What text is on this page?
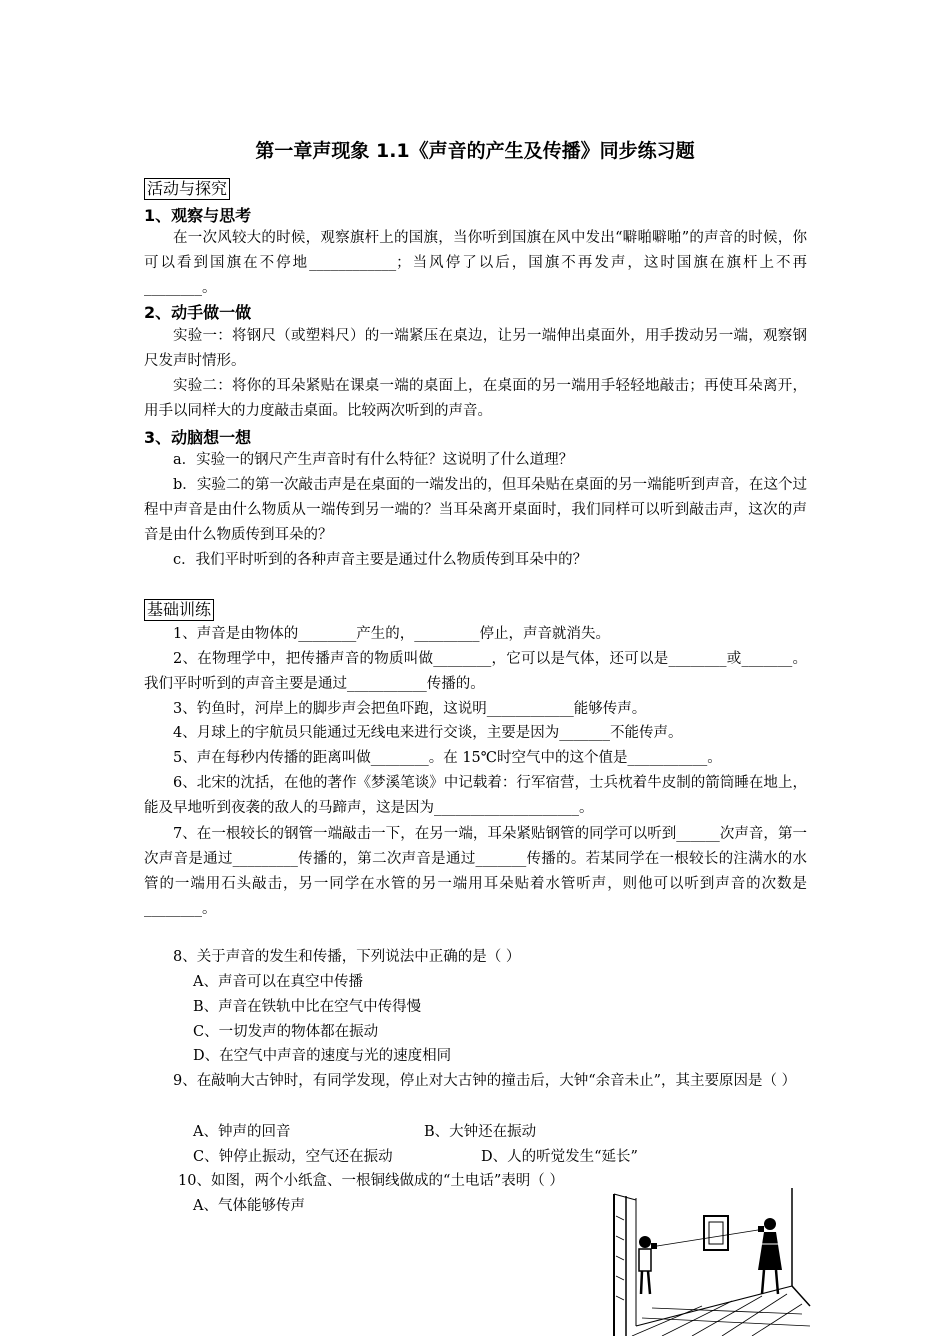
第一章声现象 1.1《声音的产生及传播》同步练习题
活动与探究
1、观察与思考

在一次风较大的时候，观察旗杆上的国旗，当你听到国旗在风中发出“噼啪噼啪”的声音的时候，你可以看到国旗在不停地____________；当风停了以后，国旗不再发声，这时国旗在旗杆上不再________。

2、动手做一做

实验一：将钢尺（或塑料尺）的一端紧压在桌边，让另一端伸出桌面外，用手拨动另一端，观察钢尺发声时情形。

实验二：将你的耳朵紧贴在课桌一端的桌面上，在桌面的另一端用手轻轻地敲击；再使耳朵离开，用手以同样大的力度敲击桌面。比较两次听到的声音。

3、动脑想一想

a．实验一的钢尺产生声音时有什么特征？这说明了什么道理？

b．实验二的第一次敲击声是在桌面的一端发出的，但耳朵贴在桌面的另一端能听到声音，在这个过程中声音是由什么物质从一端传到另一端的？当耳朵离开桌面时，我们同样可以听到敲击声，这次的声音是由什么物质传到耳朵的？

c．我们平时听到的各种声音主要是通过什么物质传到耳朵中的？

基础训练

1、声音是由物体的________产生的，_________停止，声音就消失。

2、在物理学中，把传播声音的物质叫做________，它可以是气体，还可以是________或_______。我们平时听到的声音主要是通过___________传播的。

3、钓鱼时，河岸上的脚步声会把鱼吓跑，这说明____________能够传声。

4、月球上的宇航员只能通过无线电来进行交谈，主要是因为_______不能传声。

5、声在每秒内传播的距离叫做________。在 15℃时空气中的这个值是___________。

6、北宋的沈括，在他的著作《梦溪笔谈》中记载着：行军宿营，士兵枕着牛皮制的箭筒睡在地上，能及早地听到夜袭的敌人的马蹄声，这是因为____________________。

7、在一根较长的钢管一端敲击一下，在另一端，耳朵紧贴钢管的同学可以听到______次声音，第一次声音是通过_________传播的，第二次声音是通过_______传播的。若某同学在一根较长的注满水的水管的一端用石头敲击，另一同学在水管的另一端用耳朵贴着水管听声，则他可以听到声音的次数是________。

8、关于声音的发生和传播，下列说法中正确的是（ ）

A、声音可以在真空中传播
B、声音在铁轨中比在空气中传得慢
C、一切发声的物体都在振动
D、在空气中声音的速度与光的速度相同

9、在敲响大古钟时，有同学发现，停止对大古钟的撞击后，大钟“余音未止”，其主要原因是（ ）

A、钟声的回音	B、大钟还在振动
C、钟停止振动，空气还在振动	D、人的听觉发生“延长”
10、如图，两个小纸盒、一根铜线做成的“土电话”表明（ ）
A、气体能够传声
